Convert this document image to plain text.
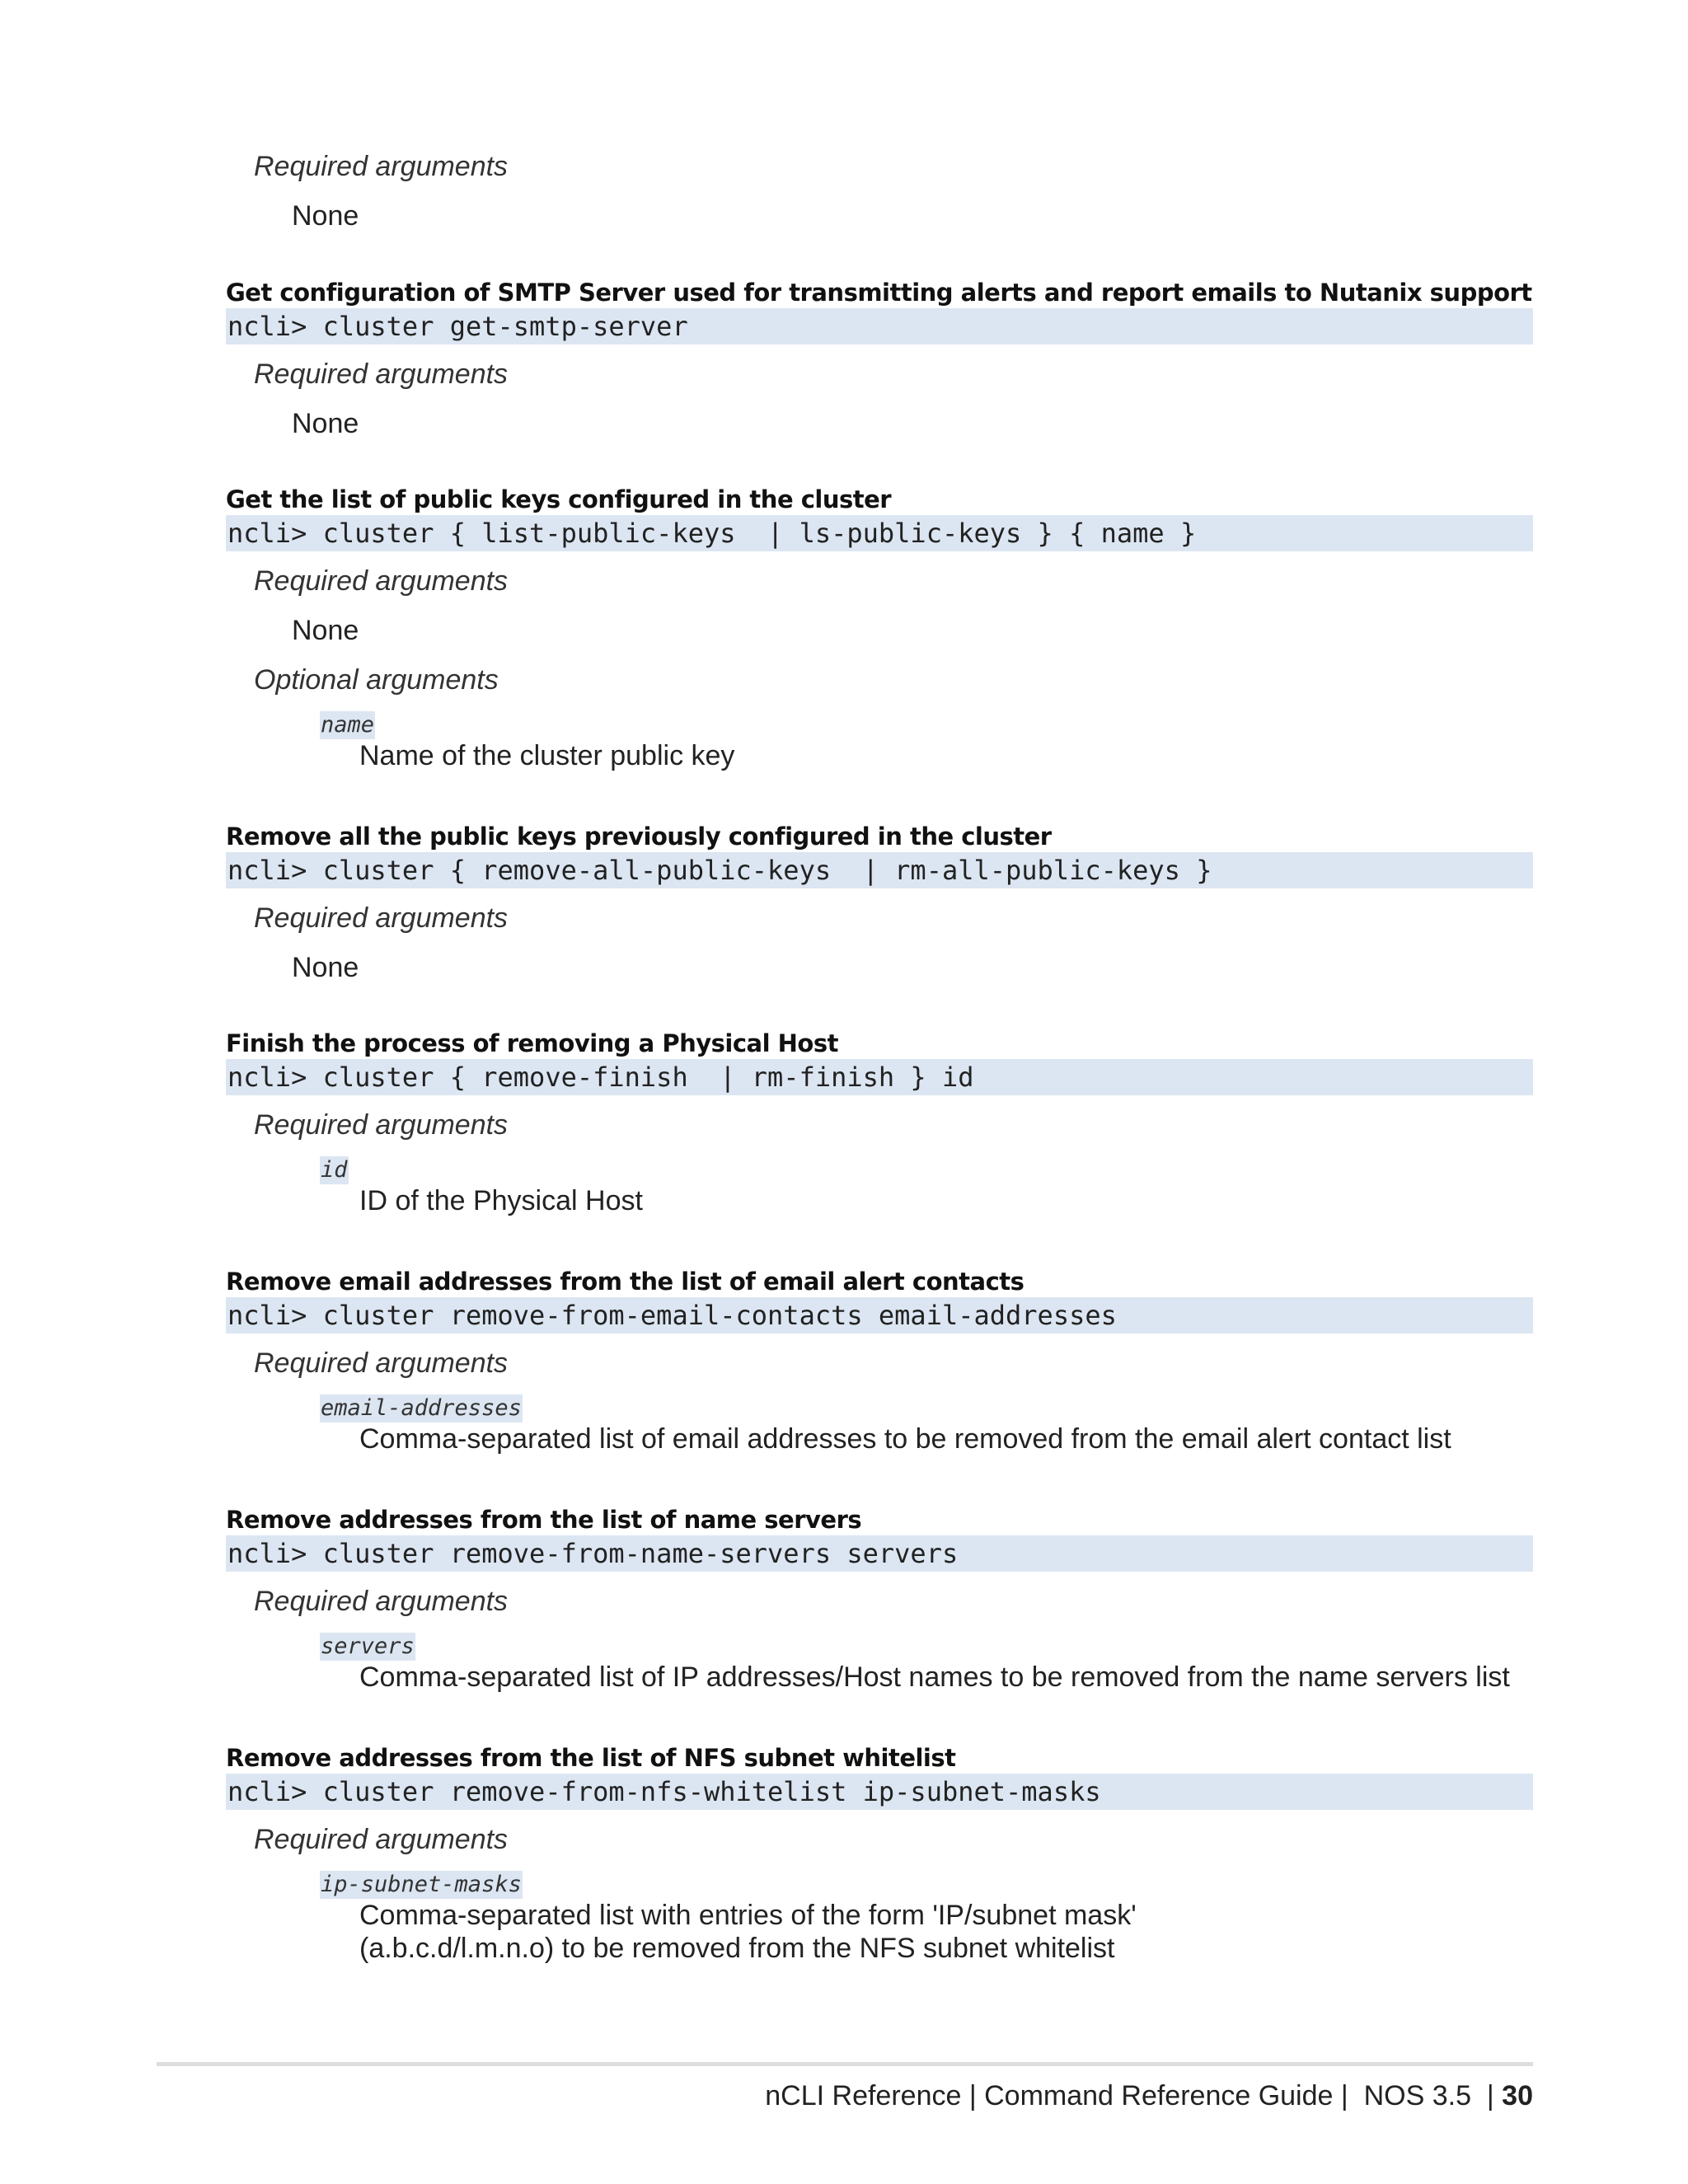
Required arguments
None
Get configuration of SMTP Server used for transmitting alerts and report emails to Nutanix support
ncli> cluster get-smtp-server
Required arguments
None
Get the list of public keys configured in the cluster
ncli> cluster { list-public-keys  | ls-public-keys } { name }
Required arguments
None
Optional arguments
name
Name of the cluster public key
Remove all the public keys previously configured in the cluster
ncli> cluster { remove-all-public-keys  | rm-all-public-keys }
Required arguments
None
Finish the process of removing a Physical Host
ncli> cluster { remove-finish  | rm-finish } id
Required arguments
id
ID of the Physical Host
Remove email addresses from the list of email alert contacts
ncli> cluster remove-from-email-contacts email-addresses
Required arguments
email-addresses
Comma-separated list of email addresses to be removed from the email alert contact list
Remove addresses from the list of name servers
ncli> cluster remove-from-name-servers servers
Required arguments
servers
Comma-separated list of IP addresses/Host names to be removed from the name servers list
Remove addresses from the list of NFS subnet whitelist
ncli> cluster remove-from-nfs-whitelist ip-subnet-masks
Required arguments
ip-subnet-masks
Comma-separated list with entries of the form 'IP/subnet mask' (a.b.c.d/l.m.n.o) to be removed from the NFS subnet whitelist
nCLI Reference | Command Reference Guide |  NOS 3.5  | 30
